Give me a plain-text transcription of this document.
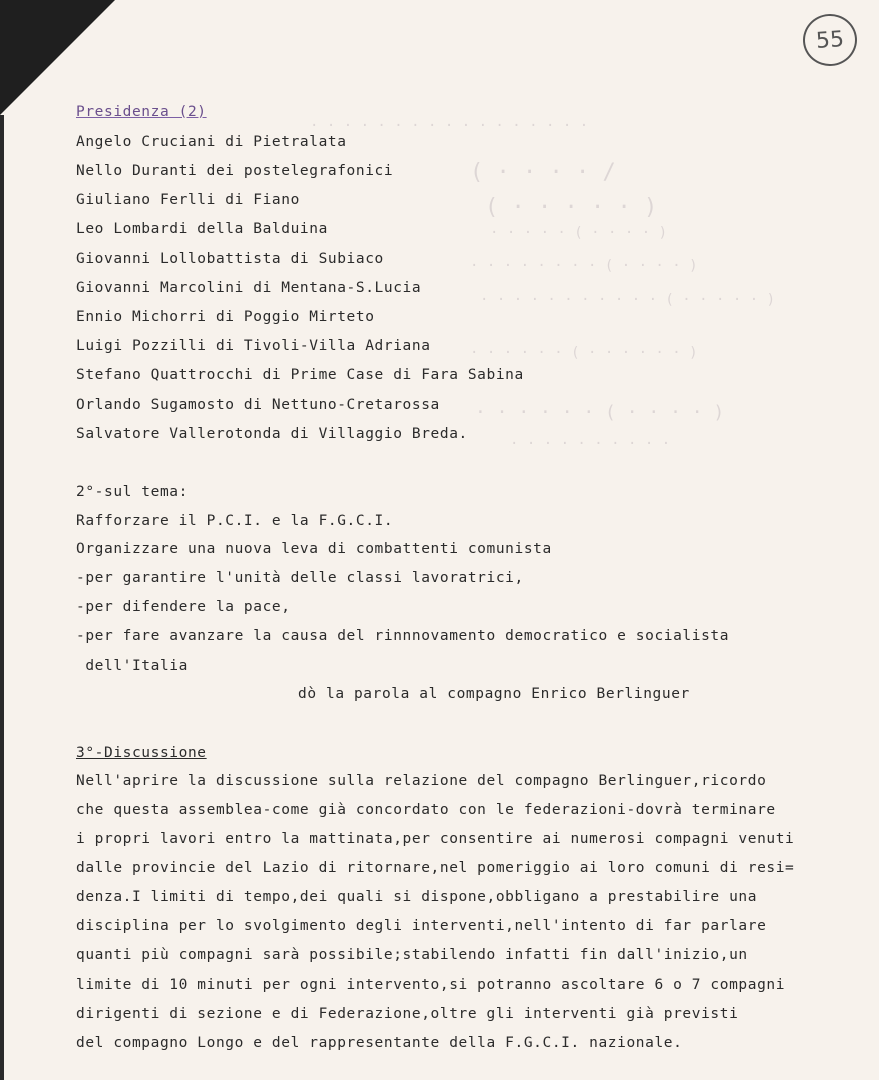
· · · · · · · · · · · · · · · · ·
( · · · · /
( · · · · · )
· · · · · ( · · · · )
· · · · · · · · ( · · · · )
· · · · · · · · · · · ( · · · · · )
· · · · · · ( · · · · · · )
· · · · · · ( · · · · )
· · · · · · · · · ·
55
Presidenza (2)
Angelo Cruciani di Pietralata
Nello Duranti dei postelegrafonici
Giuliano Ferlli di Fiano
Leo Lombardi della Balduina
Giovanni Lollobattista di Subiaco
Giovanni Marcolini di Mentana-S.Lucia
Ennio Michorri di Poggio Mirteto
Luigi Pozzilli di Tivoli-Villa Adriana
Stefano Quattrocchi di Prime Case di Fara Sabina
Orlando Sugamosto di Nettuno-Cretarossa
Salvatore Vallerotonda di Villaggio Breda.
2°-sul tema:
Rafforzare il P.C.I. e la F.G.C.I.
Organizzare una nuova leva di combattenti comunista
-per garantire l'unità delle classi lavoratrici,
-per difendere la pace,
-per fare avanzare la causa del rinnnovamento democratico e socialista
dell'Italia
dò la parola al compagno Enrico Berlinguer
3°-Discussione
Nell'aprire la discussione sulla relazione del compagno Berlinguer,ricordo
che questa assemblea-come già concordato con le federazioni-dovrà terminare
i propri lavori entro la mattinata,per consentire ai numerosi compagni venuti
dalle provincie del Lazio di ritornare,nel pomeriggio ai loro comuni di resi=
denza.I limiti di tempo,dei quali si dispone,obbligano a prestabilire una
disciplina per lo svolgimento degli interventi,nell'intento di far parlare
quanti più compagni sarà possibile;stabilendo infatti fin dall'inizio,un
limite di 10 minuti per ogni intervento,si potranno ascoltare 6 o 7 compagni
dirigenti di sezione e di Federazione,oltre gli interventi già previsti
del compagno Longo e del rappresentante della F.G.C.I. nazionale.
